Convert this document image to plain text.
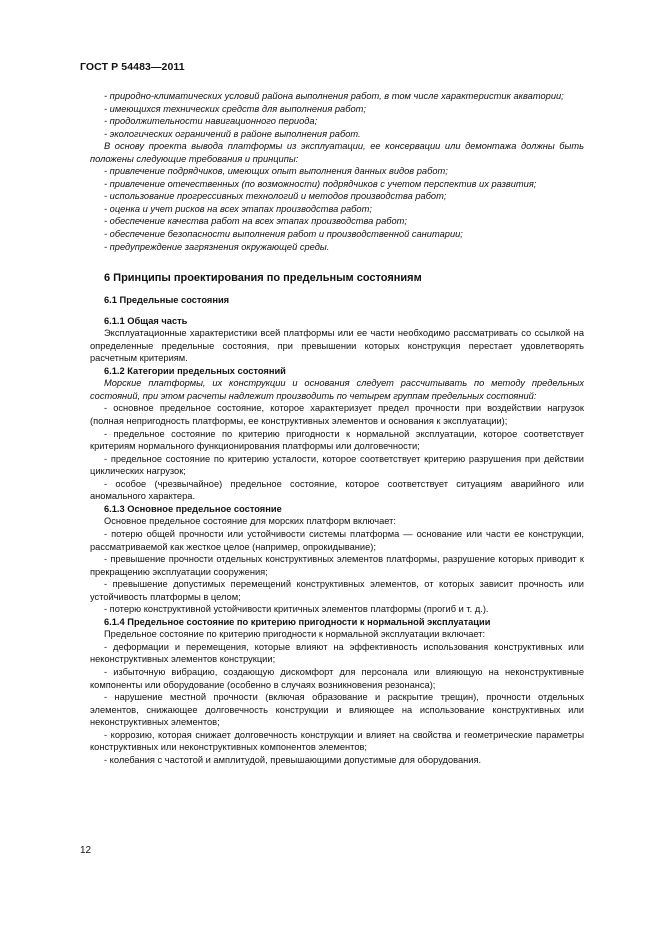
ГОСТ Р 54483—2011

- природно-климатических условий района выполнения работ, в том числе характеристик акватории;

- имеющихся технических средств для выполнения работ;

- продолжительности навигационного периода;

- экологических ограничений в районе выполнения работ.

В основу проекта вывода платформы из эксплуатации, ее консервации или демонтажа должны быть положены следующие требования и принципы:

- привлечение подрядчиков, имеющих опыт выполнения данных видов работ;

- привлечение отечественных (по возможности) подрядчиков с учетом перспектив их развития;

- использование прогрессивных технологий и методов производства работ;

- оценка и учет рисков на всех этапах производства работ;

- обеспечение качества работ на всех этапах производства работ;

- обеспечение безопасности выполнения работ и производственной санитарии;

- предупреждение загрязнения окружающей среды.

6 Принципы проектирования по предельным состояниям
6.1 Предельные состояния
6.1.1 Общая часть

Эксплуатационные характеристики всей платформы или ее части необходимо рассматривать со ссылкой на определенные предельные состояния, при превышении которых конструкция перестает удовлетворять расчетным критериям.

6.1.2 Категории предельных состояний

Морские платформы, их конструкции и основания следует рассчитывать по методу предельных состояний, при этом расчеты надлежит производить по четырем группам предельных состояний:

- основное предельное состояние, которое характеризует предел прочности при воздействии нагрузок (полная непригодность платформы, ее конструктивных элементов и основания к эксплуатации);

- предельное состояние по критерию пригодности к нормальной эксплуатации, которое соответствует критериям нормального функционирования платформы или долговечности;

- предельное состояние по критерию усталости, которое соответствует критерию разрушения при действии циклических нагрузок;

- особое (чрезвычайное) предельное состояние, которое соответствует ситуациям аварийного или аномального характера.

6.1.3 Основное предельное состояние

Основное предельное состояние для морских платформ включает:

- потерю общей прочности или устойчивости системы платформа — основание или части ее конструкции, рассматриваемой как жесткое целое (например, опрокидывание);

- превышение прочности отдельных конструктивных элементов платформы, разрушение которых приводит к прекращению эксплуатации сооружения;

- превышение допустимых перемещений конструктивных элементов, от которых зависит прочность или устойчивость платформы в целом;

- потерю конструктивной устойчивости критичных элементов платформы (прогиб и т. д.).

6.1.4 Предельное состояние по критерию пригодности к нормальной эксплуатации

Предельное состояние по критерию пригодности к нормальной эксплуатации включает:

- деформации и перемещения, которые влияют на эффективность использования конструктивных или неконструктивных элементов конструкции;

- избыточную вибрацию, создающую дискомфорт для персонала или влияющую на неконструктивные компоненты или оборудование (особенно в случаях возникновения резонанса);

- нарушение местной прочности (включая образование и раскрытие трещин), прочности отдельных элементов, снижающее долговечность конструкции и влияющее на использование конструктивных или неконструктивных элементов;

- коррозию, которая снижает долговечность конструкции и влияет на свойства и геометрические параметры конструктивных или неконструктивных компонентов элементов;

- колебания с частотой и амплитудой, превышающими допустимые для оборудования.

12
